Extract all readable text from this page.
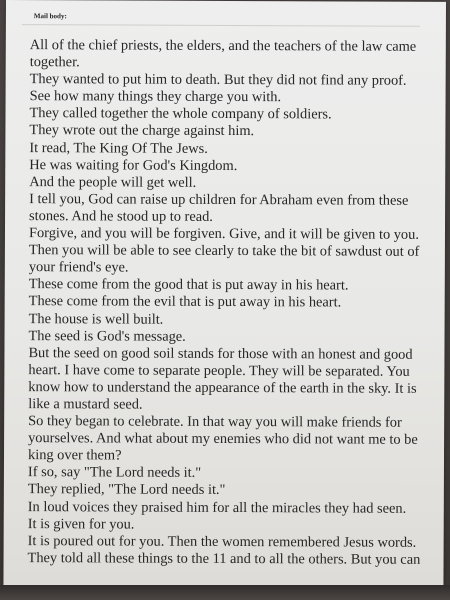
Mail body:

All of the chief priests, the elders, and the teachers of the law came together.
They wanted to put him to death. But they did not find any proof. See how many things they charge you with.
They called together the whole company of soldiers.
They wrote out the charge against him.
It read, The King Of The Jews.
He was waiting for God's Kingdom.
And the people will get well.
I tell you, God can raise up children for Abraham even from these stones. And he stood up to read.
Forgive, and you will be forgiven. Give, and it will be given to you. Then you will be able to see clearly to take the bit of sawdust out of your friend's eye.
These come from the good that is put away in his heart.
These come from the evil that is put away in his heart.
The house is well built.
The seed is God's message.
But the seed on good soil stands for those with an honest and good heart. I have come to separate people. They will be separated. You know how to understand the appearance of the earth in the sky. It is like a mustard seed.
So they began to celebrate. In that way you will make friends for yourselves. And what about my enemies who did not want me to be king over them?
If so, say "The Lord needs it."
They replied, "The Lord needs it."
In loud voices they praised him for all the miracles they had seen.
It is given for you.
It is poured out for you. Then the women remembered Jesus words.
They told all these things to the 11 and to all the others. But you can
